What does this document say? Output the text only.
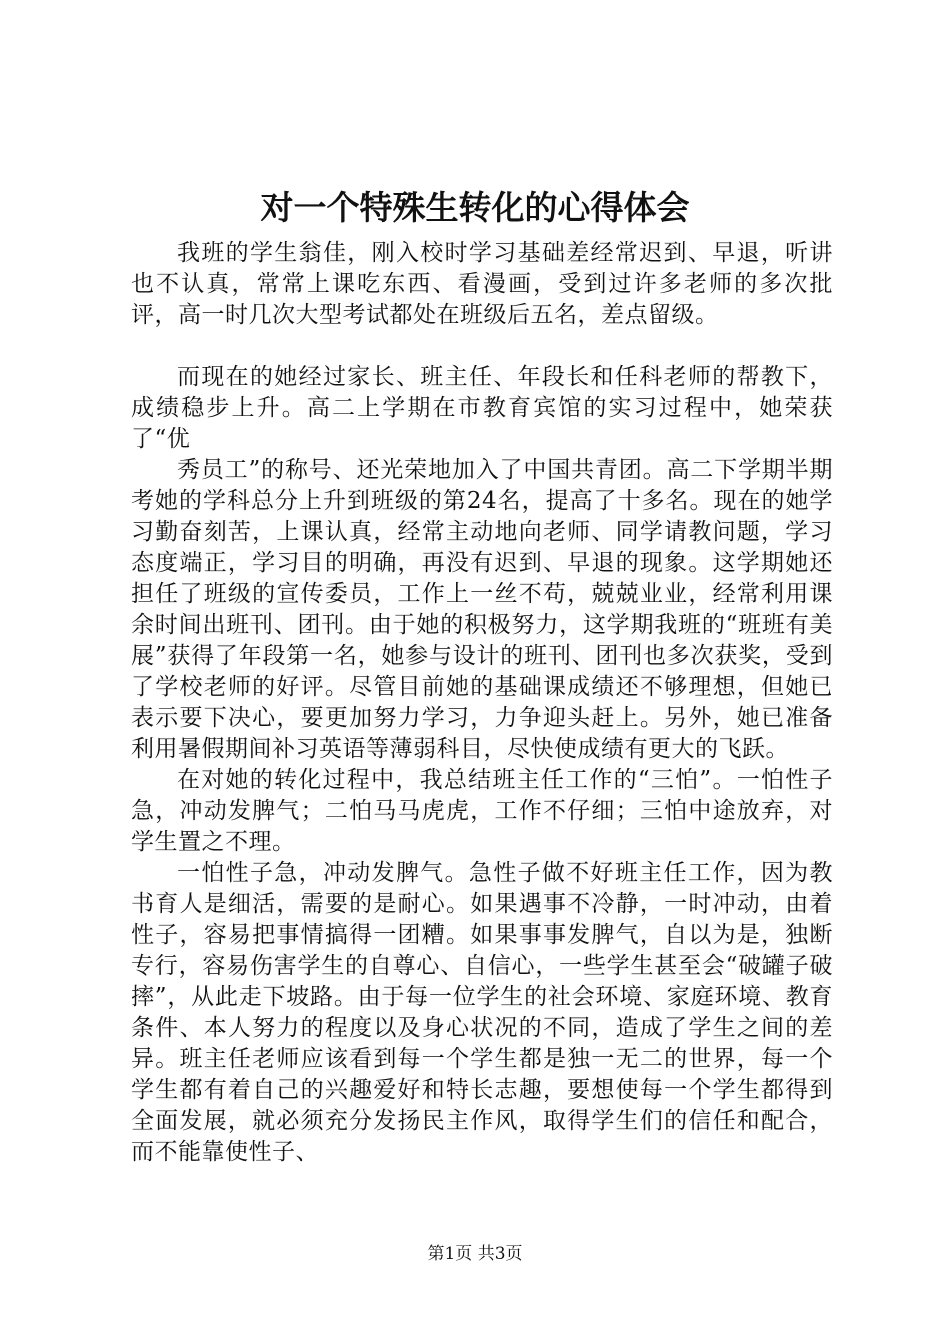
对一个特殊生转化的心得体会

我班的学生翁佳，刚入校时学习基础差经常迟到、早退，听讲也不认真，常常上课吃东西、看漫画，受到过许多老师的多次批评，高一时几次大型考试都处在班级后五名，差点留级。

而现在的她经过家长、班主任、年段长和任科老师的帮教下，成绩稳步上升。高二上学期在市教育宾馆的实习过程中，她荣获了“优

秀员工”的称号、还光荣地加入了中国共青团。高二下学期半期考她的学科总分上升到班级的第24名，提高了十多名。现在的她学习勤奋刻苦，上课认真，经常主动地向老师、同学请教问题，学习态度端正，学习目的明确，再没有迟到、早退的现象。这学期她还担任了班级的宣传委员，工作上一丝不苟，兢兢业业，经常利用课余时间出班刊、团刊。由于她的积极努力，这学期我班的“班班有美展”获得了年段第一名，她参与设计的班刊、团刊也多次获奖，受到了学校老师的好评。尽管目前她的基础课成绩还不够理想，但她已表示要下决心，要更加努力学习，力争迎头赶上。另外，她已准备利用暑假期间补习英语等薄弱科目，尽快使成绩有更大的飞跃。

在对她的转化过程中，我总结班主任工作的“三怕”。一怕性子急，冲动发脾气；二怕马马虎虎，工作不仔细；三怕中途放弃，对学生置之不理。

一怕性子急，冲动发脾气。急性子做不好班主任工作，因为教书育人是细活，需要的是耐心。如果遇事不冷静，一时冲动，由着性子，容易把事情搞得一团糟。如果事事发脾气，自以为是，独断专行，容易伤害学生的自尊心、自信心，一些学生甚至会“破罐子破摔”，从此走下坡路。由于每一位学生的社会环境、家庭环境、教育条件、本人努力的程度以及身心状况的不同，造成了学生之间的差异。班主任老师应该看到每一个学生都是独一无二的世界，每一个学生都有着自己的兴趣爱好和特长志趣，要想使每一个学生都得到全面发展，就必须充分发扬民主作风，取得学生们的信任和配合，而不能靠使性子、

第1页 共3页
